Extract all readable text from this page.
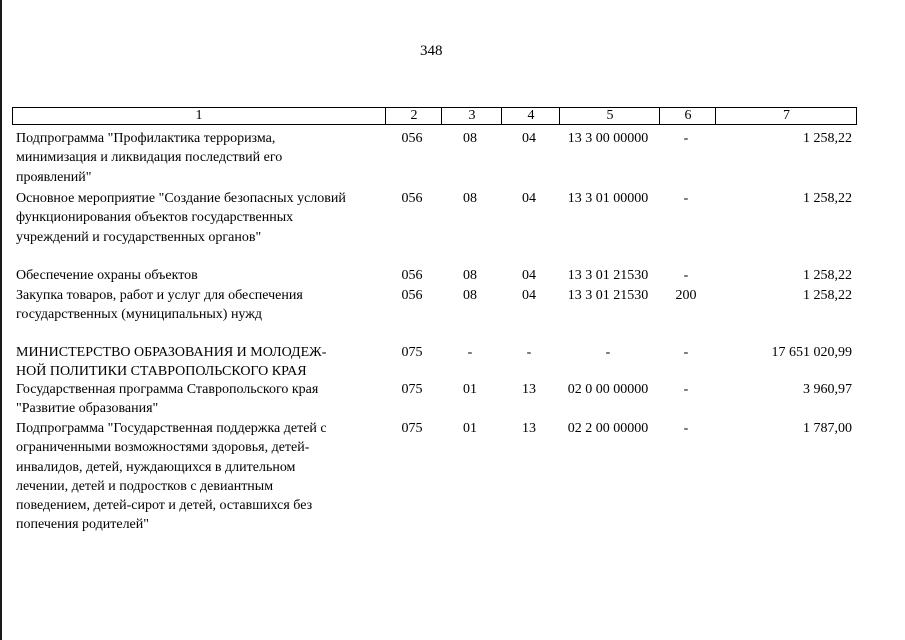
348
1	2	3	4	5	6	7
Подпрограмма "Профилактика терроризма,
минимизация и ликвидация последствий его
проявлений"
056	08	04	13 3 00 00000	-	1 258,22
Основное мероприятие "Создание безопасных условий
функционирования объектов государственных
учреждений и государственных органов"
056	08	04	13 3 01 00000	-	1 258,22
Обеспечение охраны объектов	056	08	04	13 3 01 21530	-	1 258,22
Закупка товаров, работ и услуг для обеспечения
государственных (муниципальных) нужд
056	08	04	13 3 01 21530	200	1 258,22
МИНИСТЕРСТВО ОБРАЗОВАНИЯ И МОЛОДЕЖ-
НОЙ ПОЛИТИКИ СТАВРОПОЛЬСКОГО КРАЯ
075	-	-	-	-	17 651 020,99
Государственная программа Ставропольского края
"Развитие образования"
075	01	13	02 0 00 00000	-	3 960,97
Подпрограмма "Государственная поддержка детей с
ограниченными возможностями здоровья, детей-
инвалидов, детей, нуждающихся в длительном
лечении, детей и подростков с девиантным
поведением, детей-сирот и детей, оставшихся без
попечения родителей"
075	01	13	02 2 00 00000	-	1 787,00
